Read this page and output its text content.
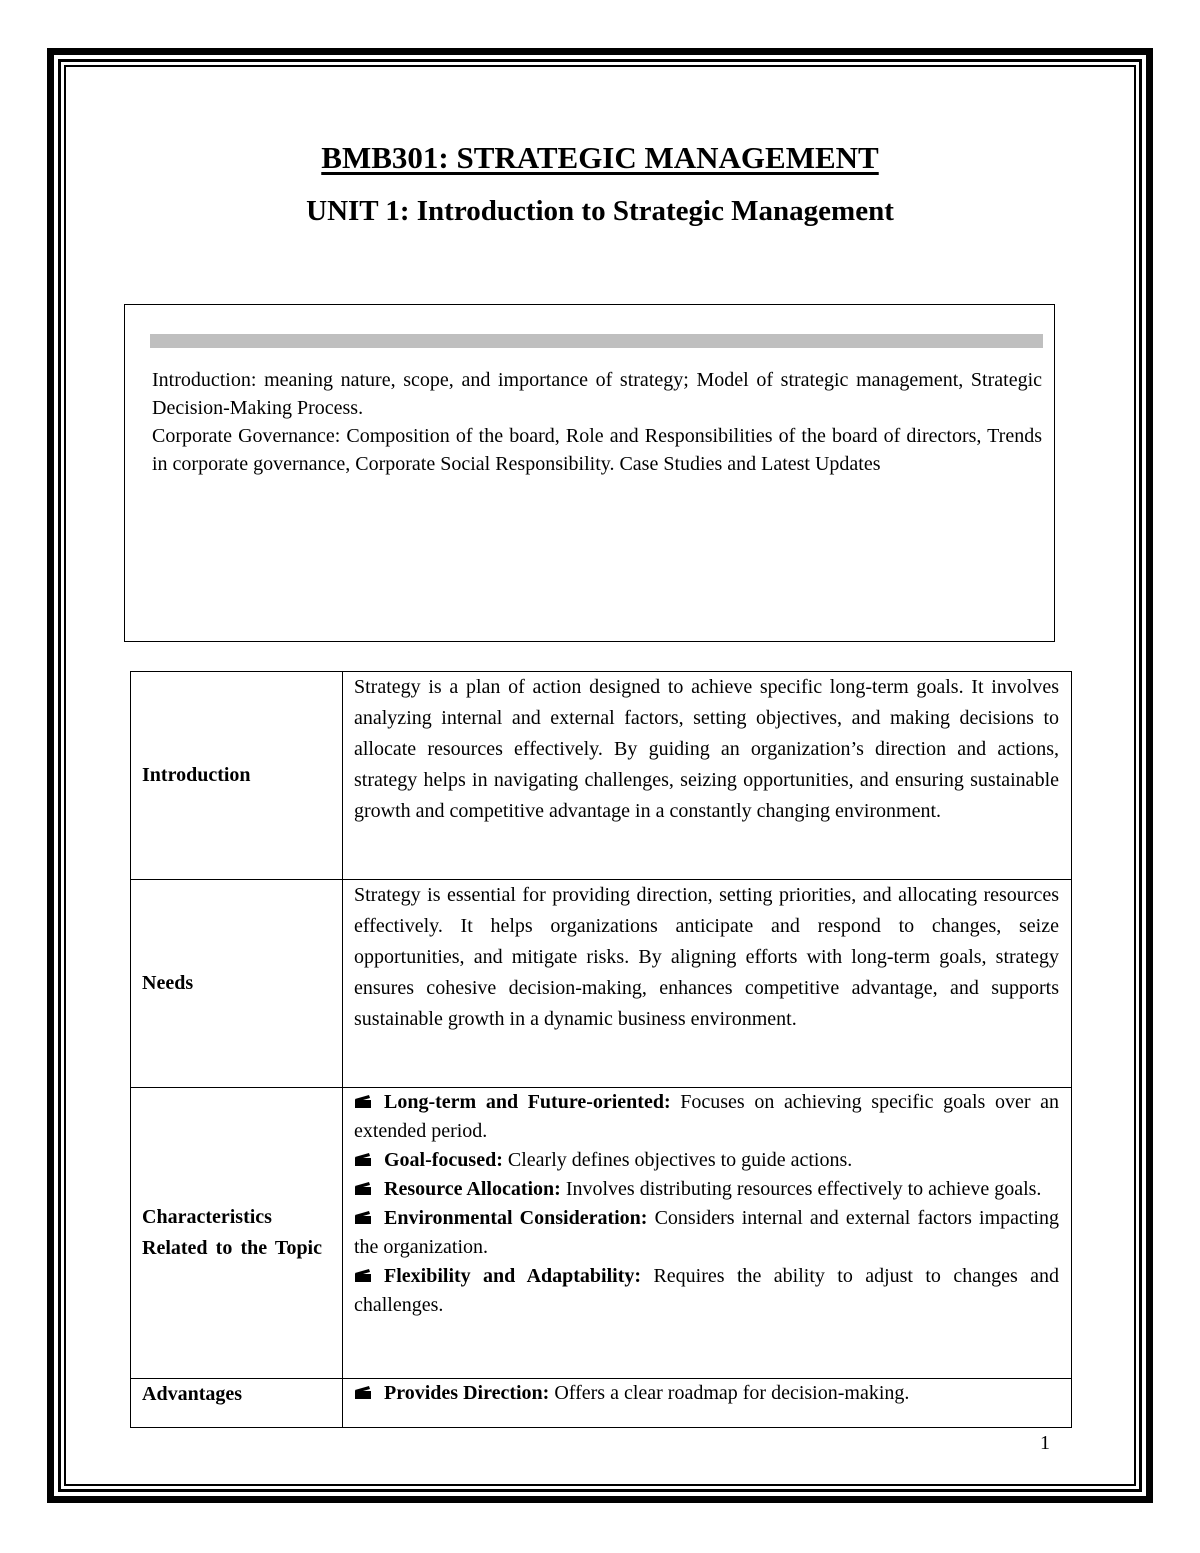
BMB301: STRATEGIC MANAGEMENT
UNIT 1: Introduction to Strategic Management

Introduction: meaning nature, scope, and importance of strategy; Model of strategic management, Strategic Decision-Making Process.

Corporate Governance: Composition of the board, Role and Responsibilities of the board of directors, Trends in corporate governance, Corporate Social Responsibility. Case Studies and Latest Updates

Introduction	Strategy is a plan of action designed to achieve specific long-term goals. It involves analyzing internal and external factors, setting objectives, and making decisions to allocate resources effectively. By guiding an organization’s direction and actions, strategy helps in navigating challenges, seizing opportunities, and ensuring sustainable growth and competitive advantage in a constantly changing environment.
Needs	Strategy is essential for providing direction, setting priorities, and allocating resources effectively. It helps organizations anticipate and respond to changes, seize opportunities, and mitigate risks. By aligning efforts with long-term goals, strategy ensures cohesive decision-making, enhances competitive advantage, and supports sustainable growth in a dynamic business environment.

Characteristics Related to the Topic	Long-term and Future-oriented: Focuses on achieving specific goals over an extended period.

Goal-focused: Clearly defines objectives to guide actions.

Resource Allocation: Involves distributing resources effectively to achieve goals.

Environmental Consideration: Considers internal and external factors impacting the organization.

Flexibility and Adaptability: Requires the ability to adjust to changes and challenges.

Advantages	Provides Direction: Offers a clear roadmap for decision-making.

1
